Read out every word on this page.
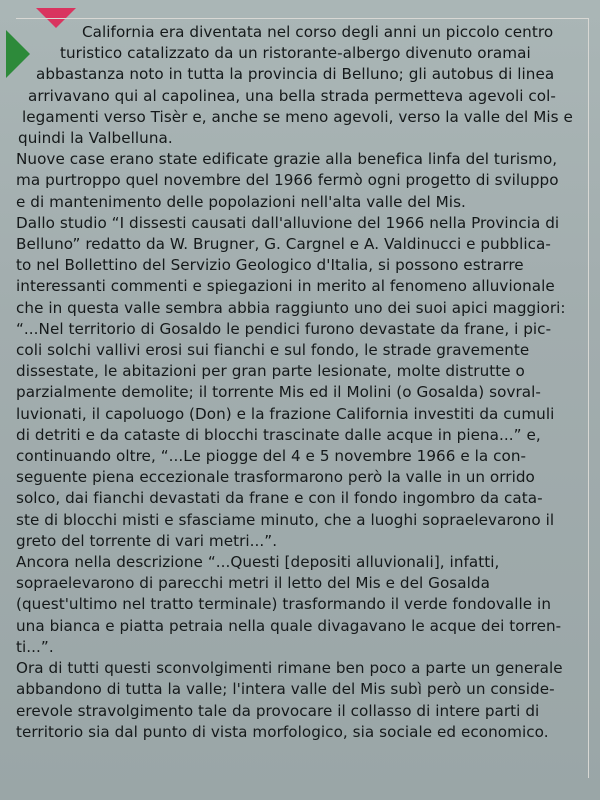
California era diventata nel corso degli anni un piccolo centro
turistico catalizzato da un ristorante-albergo divenuto oramai
abbastanza noto in tutta la provincia di Belluno; gli autobus di linea
arrivavano qui al capolinea, una bella strada permetteva agevoli col-
legamenti verso Tisèr e, anche se meno agevoli, verso la valle del Mis e
quindi la Valbelluna.
Nuove case erano state edificate grazie alla benefica linfa del turismo,
ma purtroppo quel novembre del 1966 fermò ogni progetto di sviluppo
e di mantenimento delle popolazioni nell'alta valle del Mis.
Dallo studio “I dissesti causati dall'alluvione del 1966 nella Provincia di
Belluno” redatto da W. Brugner, G. Cargnel e A. Valdinucci e pubblica-
to nel Bollettino del Servizio Geologico d'Italia, si possono estrarre
interessanti commenti e spiegazioni in merito al fenomeno alluvionale
che in questa valle sembra abbia raggiunto uno dei suoi apici maggiori:
“...Nel territorio di Gosaldo le pendici furono devastate da frane, i pic-
coli solchi vallivi erosi sui fianchi e sul fondo, le strade gravemente
dissestate, le abitazioni per gran parte lesionate, molte distrutte o
parzialmente demolite; il torrente Mis ed il Molini (o Gosalda) sovral-
luvionati, il capoluogo (Don) e la frazione California investiti da cumuli
di detriti e da cataste di blocchi trascinate dalle acque in piena...” e,
continuando oltre, “...Le piogge del 4 e 5 novembre 1966 e la con-
seguente piena eccezionale trasformarono però la valle in un orrido
solco, dai fianchi devastati da frane e con il fondo ingombro da cata-
ste di blocchi misti e sfasciame minuto, che a luoghi sopraelevarono il
greto del torrente di vari metri...”.
Ancora nella descrizione “...Questi [depositi alluvionali], infatti,
sopraelevarono di parecchi metri il letto del Mis e del Gosalda
(quest'ultimo nel tratto terminale) trasformando il verde fondovalle in
una bianca e piatta petraia nella quale divagavano le acque dei torren-
ti...”.
Ora di tutti questi sconvolgimenti rimane ben poco a parte un generale
abbandono di tutta la valle; l'intera valle del Mis subì però un conside-
erevole stravolgimento tale da provocare il collasso di intere parti di
territorio sia dal punto di vista morfologico, sia sociale ed economico.
